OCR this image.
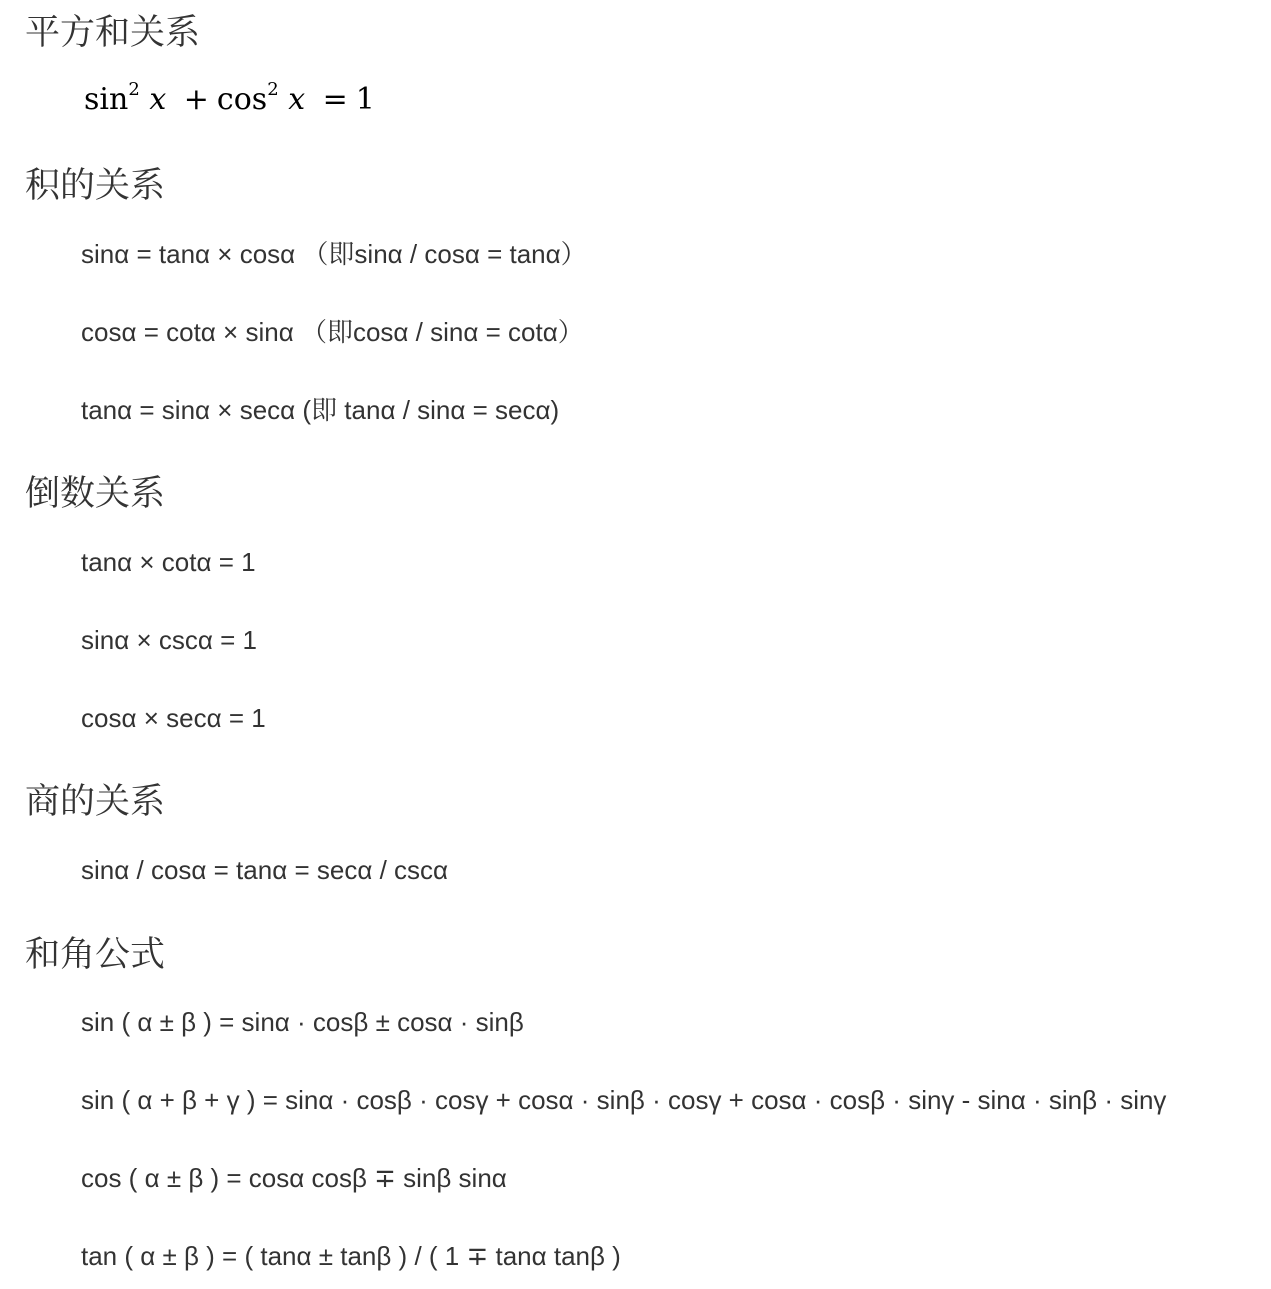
平方和关系
$\sin^2 x + \cos^2 x = 1$
积的关系

sinα = tanα × cosα （即sinα / cosα = tanα）

cosα = cotα × sinα （即cosα / sinα = cotα）

tanα = sinα × secα (即 tanα / sinα = secα)

倒数关系

tanα × cotα = 1

sinα × cscα = 1

cosα × secα = 1

商的关系

sinα / cosα = tanα = secα / cscα

和角公式

sin ( α ± β ) = sinα · cosβ ± cosα · sinβ

sin ( α + β + γ ) = sinα · cosβ · cosγ + cosα · sinβ · cosγ + cosα · cosβ · sinγ - sinα · sinβ · sinγ

cos ( α ± β ) = cosα cosβ ∓ sinβ sinα

tan ( α ± β ) = ( tanα ± tanβ ) / ( 1 ∓ tanα tanβ )
